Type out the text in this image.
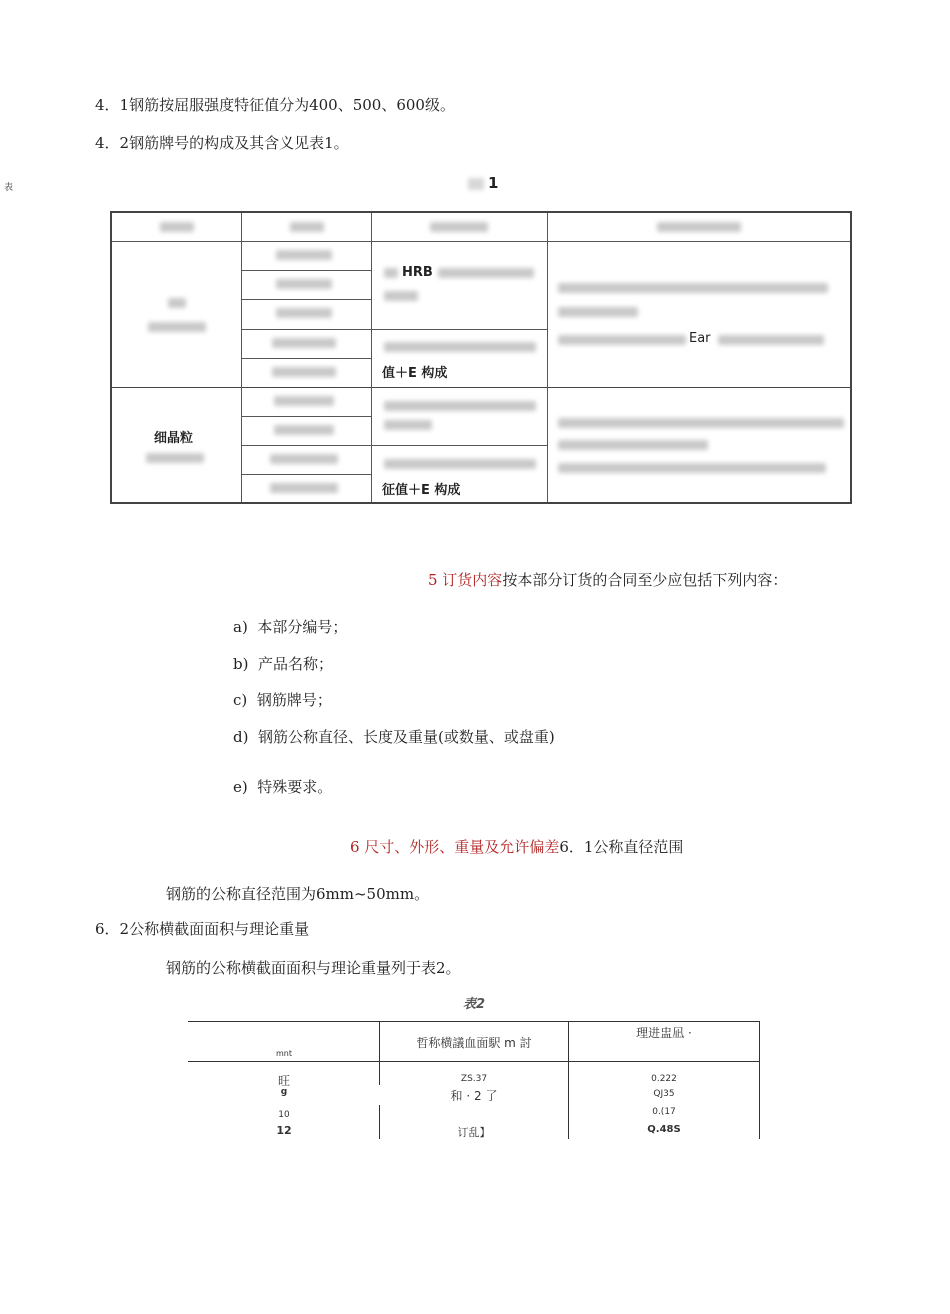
4．1钢筋按屈服强度特征值分为400、500、600级。
4．2钢筋牌号的构成及其含义见表1。
表	1
HRB
值＋E 构成
征值＋E 构成
Ear
细晶粒
5 订货内容按本部分订货的合同至少应包括下列内容：
a) 本部分编号；
b) 产品名称；
c) 钢筋牌号；
d) 钢筋公称直径、长度及重量(或数量、或盘重)
e) 特殊要求。
6 尺寸、外形、重量及允许偏差6．1公称直径范围
钢筋的公称直径范围为6mm~50mm。
6．2公称横截面面积与理论重量
钢筋的公称横截面面积与理论重量列于表2。
表2
mnt
哲称横議血面駅 m 討
理进盅凪 ·
旺
g
10
12
ZS.37
和 · 2 了
订乱】
0.222
QJ35
0.(17
Q.48S
